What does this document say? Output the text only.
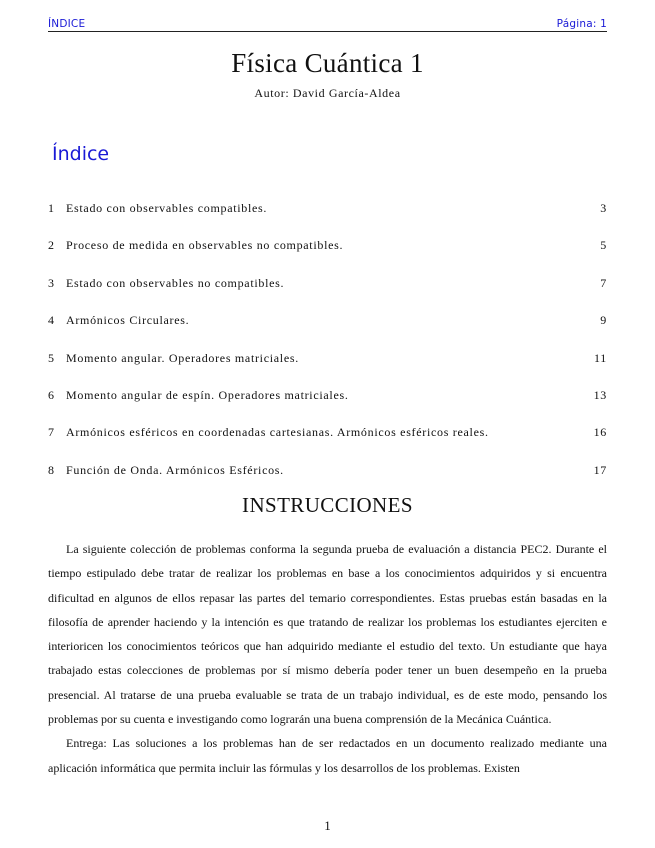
ÍNDICE	Página: 1
Física Cuántica 1
Autor: David García-Aldea
Índice
1 Estado con observables compatibles.	3
2 Proceso de medida en observables no compatibles.	5
3 Estado con observables no compatibles.	7
4 Armónicos Circulares.	9
5 Momento angular. Operadores matriciales.	11
6 Momento angular de espín. Operadores matriciales.	13
7 Armónicos esféricos en coordenadas cartesianas. Armónicos esféricos reales.	16
8 Función de Onda. Armónicos Esféricos.	17
INSTRUCCIONES

La siguiente colección de problemas conforma la segunda prueba de evaluación a distancia PEC2. Durante el tiempo estipulado debe tratar de realizar los problemas en base a los conocimientos adquiridos y si encuentra dificultad en algunos de ellos repasar las partes del temario correspondientes. Estas pruebas están basadas en la filosofía de aprender haciendo y la intención es que tratando de realizar los problemas los estudiantes ejerciten e interioricen los conocimientos teóricos que han adquirido mediante el estudio del texto. Un estudiante que haya trabajado estas colecciones de problemas por sí mismo debería poder tener un buen desempeño en la prueba presencial. Al tratarse de una prueba evaluable se trata de un trabajo individual, es de este modo, pensando los problemas por su cuenta e investigando como lograrán una buena comprensión de la Mecánica Cuántica.

Entrega: Las soluciones a los problemas han de ser redactados en un documento realizado mediante una aplicación informática que permita incluir las fórmulas y los desarrollos de los problemas. Existen

1
